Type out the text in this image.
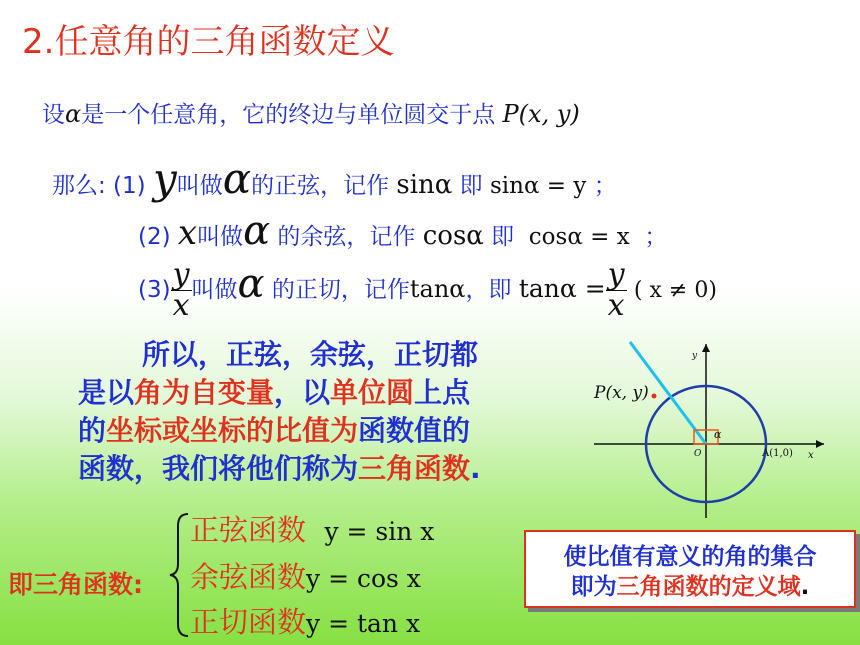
2.任意角的三角函数定义
设α是一个任意角，它的终边与单位圆交于点 P(x, y)
那么: (1) y叫做α的正弦，记作 sinα 即 sinα = y ；
(2) x叫做α 的余弦，记作 cosα 即 cosα = x ；
$(3) \frac{y}{x}$ 叫做α 的正切，记作tanα，即 $\tan\alpha = \frac{y}{x}$ ( x ≠ 0)
所以，正弦，余弦，正切都
是以角为自变量，以单位圆上点
的坐标或坐标的比值为函数值的
函数，我们将他们称为三角函数.
P(x, y)
y
x
O
α
A(1,0)
即三角函数:
正弦函数 y = sin x
余弦函数y = cos x
正切函数y = tan x
使比值有意义的角的集合
即为三角函数的定义域.
